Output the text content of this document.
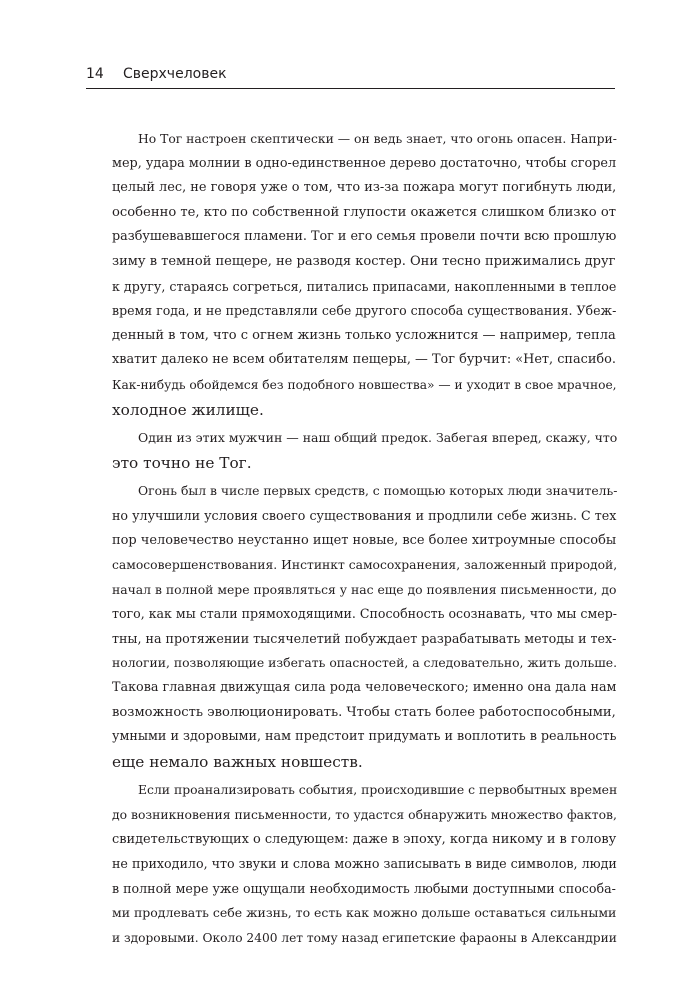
14 Сверхчеловек

Но Тог настроен скептически — он ведь знает, что огонь опасен. Напри-
мер, удара молнии в одно-единственное дерево достаточно, чтобы сгорел
целый лес, не говоря уже о том, что из-за пожара могут погибнуть люди,
особенно те, кто по собственной глупости окажется слишком близко от
разбушевавшегося пламени. Тог и его семья провели почти всю прошлую
зиму в темной пещере, не разводя костер. Они тесно прижимались друг
к другу, стараясь согреться, питались припасами, накопленными в теплое
время года, и не представляли себе другого способа существования. Убеж-
денный в том, что с огнем жизнь только усложнится — например, тепла
хватит далеко не всем обитателям пещеры, — Тог бурчит: «Нет, спасибо.
Как-нибудь обойдемся без подобного новшества» — и уходит в свое мрачное,
холодное жилище.

Один из этих мужчин — наш общий предок. Забегая вперед, скажу, что
это точно не Тог.

Огонь был в числе первых средств, с помощью которых люди значитель-
но улучшили условия своего существования и продлили себе жизнь. С тех
пор человечество неустанно ищет новые, все более хитроумные способы
самосовершенствования. Инстинкт самосохранения, заложенный природой,
начал в полной мере проявляться у нас еще до появления письменности, до
того, как мы стали прямоходящими. Способность осознавать, что мы смер-
тны, на протяжении тысячелетий побуждает разрабатывать методы и тех-
нологии, позволяющие избегать опасностей, а следовательно, жить дольше.
Такова главная движущая сила рода человеческого; именно она дала нам
возможность эволюционировать. Чтобы стать более работоспособными,
умными и здоровыми, нам предстоит придумать и воплотить в реальность
еще немало важных новшеств.

Если проанализировать события, происходившие с первобытных времен
до возникновения письменности, то удастся обнаружить множество фактов,
свидетельствующих о следующем: даже в эпоху, когда никому и в голову
не приходило, что звуки и слова можно записывать в виде символов, люди
в полной мере уже ощущали необходимость любыми доступными способа-
ми продлевать себе жизнь, то есть как можно дольше оставаться сильными
и здоровыми. Около 2400 лет тому назад египетские фараоны в Александрии
